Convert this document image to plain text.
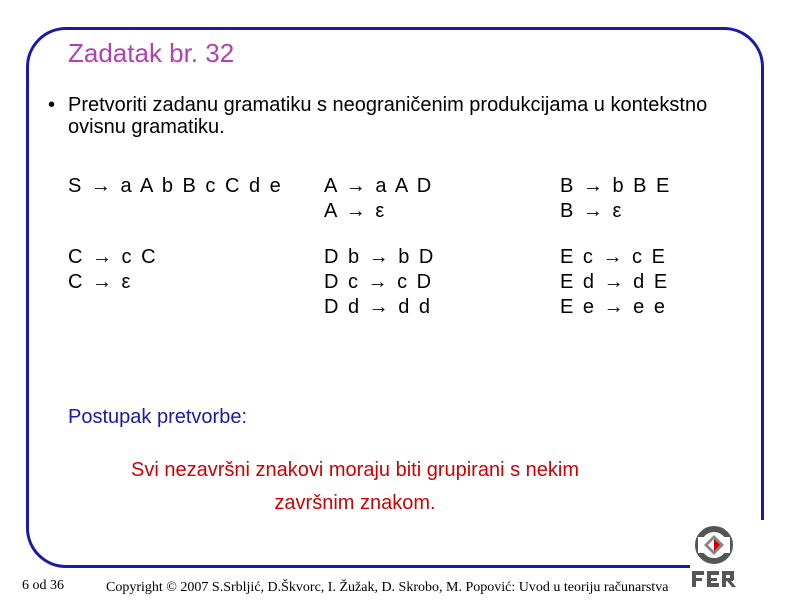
Zadatak br. 32
• Pretvoriti zadanu gramatiku s neograničenim produkcijama u kontekstno ovisnu gramatiku.
S → a A b B c C d e A → a A D
A → ε
B → b B E
B → ε
C → c C
C → ε
D b → b D
D c → c D
D d → d d
E c → c E
E d → d E
E e → e e
Postupak pretvorbe:
Svi nezavršni znakovi moraju biti grupirani s nekim završnim znakom.
6 od 36	Copyright © 2007 S.Srbljić, D.Škvorc, I. Žužak, D. Skrobo, M. Popović: Uvod u teoriju računarstva
